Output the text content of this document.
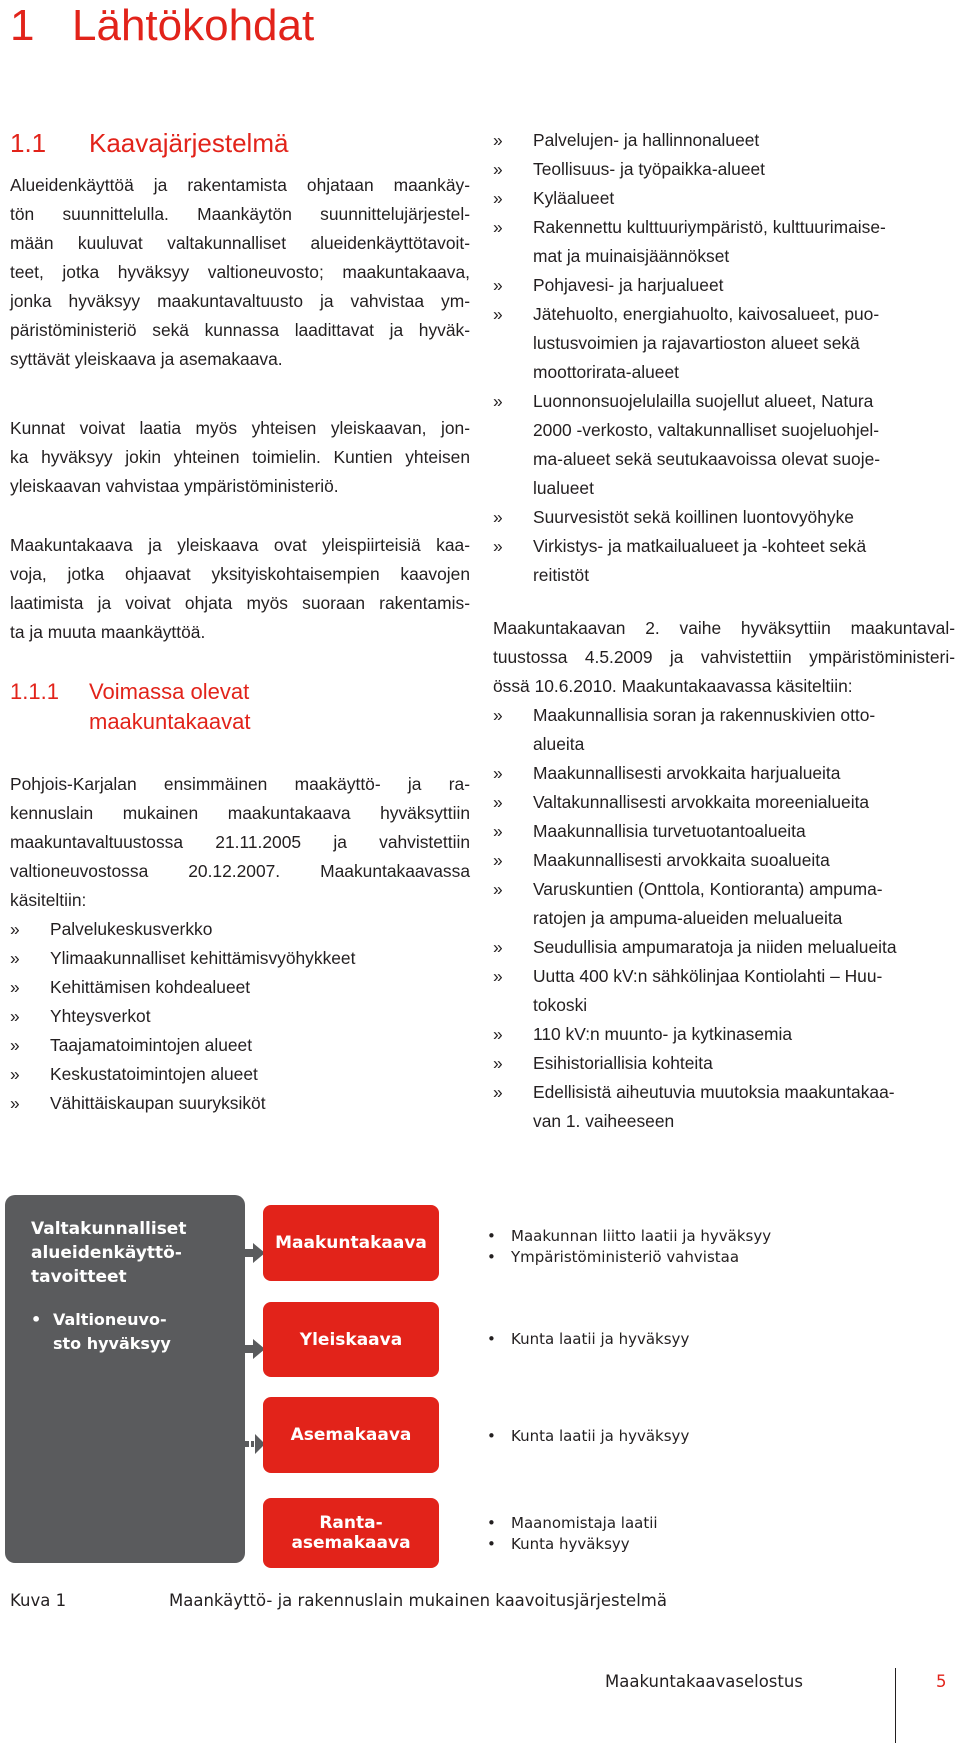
1 Lähtökohdat
1.1 Kaavajärjestelmä
Alueidenkäyttöä ja rakentamista ohjataan maankäy-
tön suunnittelulla. Maankäytön suunnittelujärjestel-
mään kuuluvat valtakunnalliset alueidenkäyttötavoit-
teet, jotka hyväksyy valtioneuvosto; maakuntakaava,
jonka hyväksyy maakuntavaltuusto ja vahvistaa ym-
päristöministeriö sekä kunnassa laadittavat ja hyväk-
syttävät yleiskaava ja asemakaava.
Kunnat voivat laatia myös yhteisen yleiskaavan, jon-
ka hyväksyy jokin yhteinen toimielin. Kuntien yhteisen
yleiskaavan vahvistaa ympäristöministeriö.
Maakuntakaava ja yleiskaava ovat yleispiirteisiä kaa-
voja, jotka ohjaavat yksityiskohtaisempien kaavojen
laatimista ja voivat ohjata myös suoraan rakentamis-
ta ja muuta maankäyttöä.
1.1.1 Voimassa olevat
maakuntakaavat
Pohjois-Karjalan ensimmäinen maakäyttö- ja ra-
kennuslain mukainen maakuntakaava hyväksyttiin
maakuntavaltuustossa 21.11.2005 ja vahvistettiin
valtioneuvostossa 20.12.2007. Maakuntakaavassa
käsiteltiin:
» Palvelukeskusverkko
» Ylimaakunnalliset kehittämisvyöhykkeet
» Kehittämisen kohdealueet
» Yhteysverkot
» Taajamatoimintojen alueet
» Keskustatoimintojen alueet
» Vähittäiskaupan suuryksiköt
» Palvelujen- ja hallinnonalueet
» Teollisuus- ja työpaikka-alueet
» Kyläalueet
» Rakennettu kulttuuriympäristö, kulttuurimaise-
mat ja muinaisjäännökset
» Pohjavesi- ja harjualueet
» Jätehuolto, energiahuolto, kaivosalueet, puo-
lustusvoimien ja rajavartioston alueet sekä
moottorirata-alueet
» Luonnonsuojelulailla suojellut alueet, Natura
2000 -verkosto, valtakunnalliset suojeluohjel-
ma-alueet sekä seutukaavoissa olevat suoje-
lualueet
» Suurvesistöt sekä koillinen luontovyöhyke
» Virkistys- ja matkailualueet ja -kohteet sekä
reitistöt
Maakuntakaavan 2. vaihe hyväksyttiin maakuntaval-
tuustossa 4.5.2009 ja vahvistettiin ympäristöministeri-
össä 10.6.2010. Maakuntakaavassa käsiteltiin:
» Maakunnallisia soran ja rakennuskivien otto-
alueita
» Maakunnallisesti arvokkaita harjualueita
» Valtakunnallisesti arvokkaita moreenialueita
» Maakunnallisia turvetuotantoalueita
» Maakunnallisesti arvokkaita suoalueita
» Varuskuntien (Onttola, Kontioranta) ampuma-
ratojen ja ampuma-alueiden melualueita
» Seudullisia ampumaratoja ja niiden melualueita
» Uutta 400 kV:n sähkölinjaa Kontiolahti – Huu-
tokoski
» 110 kV:n muunto- ja kytkinasemia
» Esihistoriallisia kohteita
» Edellisistä aiheutuvia muutoksia maakuntakaa-
van 1. vaiheeseen
Valtakunnalliset
alueidenkäyttö-
tavoitteet
• Valtioneuvo-
sto hyväksyy
Maakuntakaava
Yleiskaava
Asemakaava
Ranta-asemakaava
• Maakunnan liitto laatii ja hyväksyy
• Ympäristöministeriö vahvistaa
• Kunta laatii ja hyväksyy
• Kunta laatii ja hyväksyy
• Maanomistaja laatii
• Kunta hyväksyy
Kuva 1	Maankäyttö- ja rakennuslain mukainen kaavoitusjärjestelmä
Maakuntakaavaselostus	5
